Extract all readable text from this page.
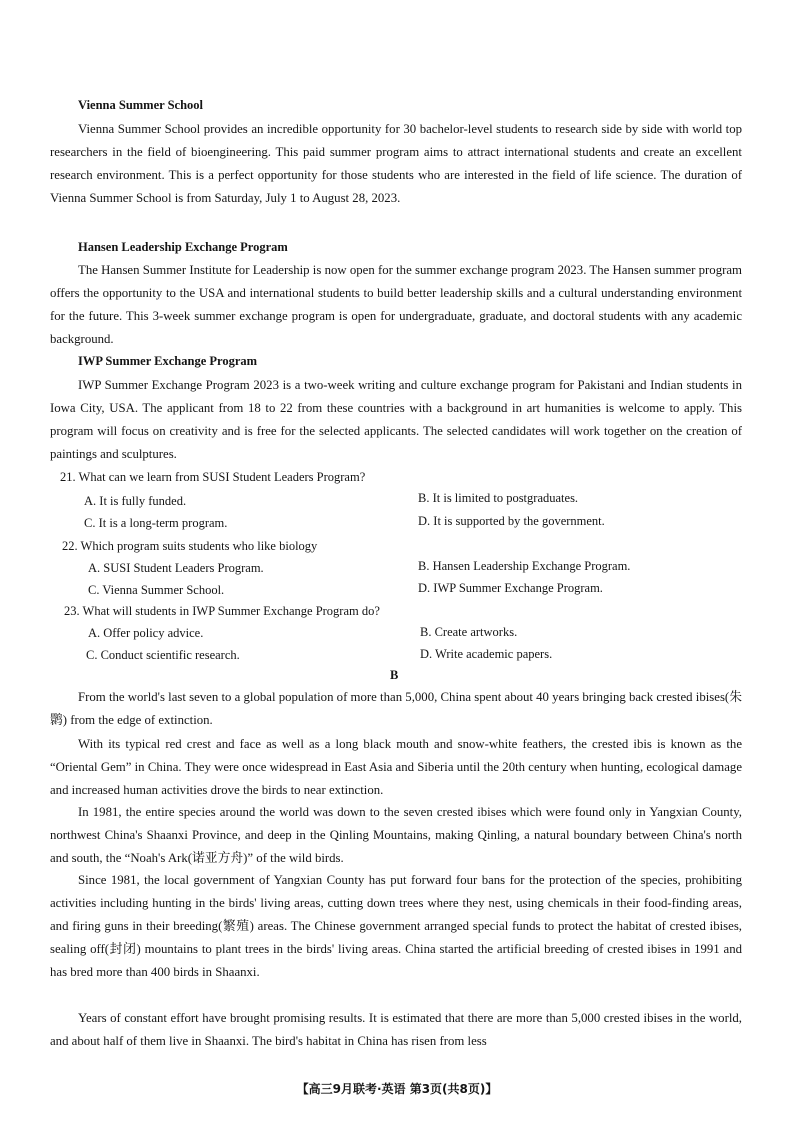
Vienna Summer School

Vienna Summer School provides an incredible opportunity for 30 bachelor-level students to research side by side with world top researchers in the field of bioengineering. This paid summer program aims to attract international students and create an excellent research environment. This is a perfect opportunity for those students who are interested in the field of life science. The duration of Vienna Summer School is from Saturday, July 1 to August 28, 2023.

Hansen Leadership Exchange Program

The Hansen Summer Institute for Leadership is now open for the summer exchange program 2023. The Hansen summer program offers the opportunity to the USA and international students to build better leadership skills and a cultural understanding environment for the future. This 3-week summer exchange program is open for undergraduate, graduate, and doctoral students with any academic background.

IWP Summer Exchange Program

IWP Summer Exchange Program 2023 is a two-week writing and culture exchange program for Pakistani and Indian students in Iowa City, USA. The applicant from 18 to 22 from these countries with a background in art humanities is welcome to apply. This program will focus on creativity and is free for the selected applicants. The selected candidates will work together on the creation of paintings and sculptures.

21. What can we learn from SUSI Student Leaders Program?
A. It is fully funded.	B. It is limited to postgraduates.
C. It is a long-term program.	D. It is supported by the government.
22. Which program suits students who like biology
A. SUSI Student Leaders Program.	B. Hansen Leadership Exchange Program.
C. Vienna Summer School.	D. IWP Summer Exchange Program.
23. What will students in IWP Summer Exchange Program do?
A. Offer policy advice.	B. Create artworks.
C. Conduct scientific research.	D. Write academic papers.
B

From the world's last seven to a global population of more than 5,000, China spent about 40 years bringing back crested ibises(朱鹮) from the edge of extinction.

With its typical red crest and face as well as a long black mouth and snow-white feathers, the crested ibis is known as the “Oriental Gem” in China. They were once widespread in East Asia and Siberia until the 20th century when hunting, ecological damage and increased human activities drove the birds to near extinction.

In 1981, the entire species around the world was down to the seven crested ibises which were found only in Yangxian County, northwest China's Shaanxi Province, and deep in the Qinling Mountains, making Qinling, a natural boundary between China's north and south, the “Noah's Ark(诺亚方舟)” of the wild birds.

Since 1981, the local government of Yangxian County has put forward four bans for the protection of the species, prohibiting activities including hunting in the birds' living areas, cutting down trees where they nest, using chemicals in their food-finding areas, and firing guns in their breeding(繁殖) areas. The Chinese government arranged special funds to protect the habitat of crested ibises, sealing off(封闭) mountains to plant trees in the birds' living areas. China started the artificial breeding of crested ibises in 1991 and has bred more than 400 birds in Shaanxi.

Years of constant effort have brought promising results. It is estimated that there are more than 5,000 crested ibises in the world, and about half of them live in Shaanxi. The bird's habitat in China has risen from less

【高三9月联考·英语 第3页(共8页)】
